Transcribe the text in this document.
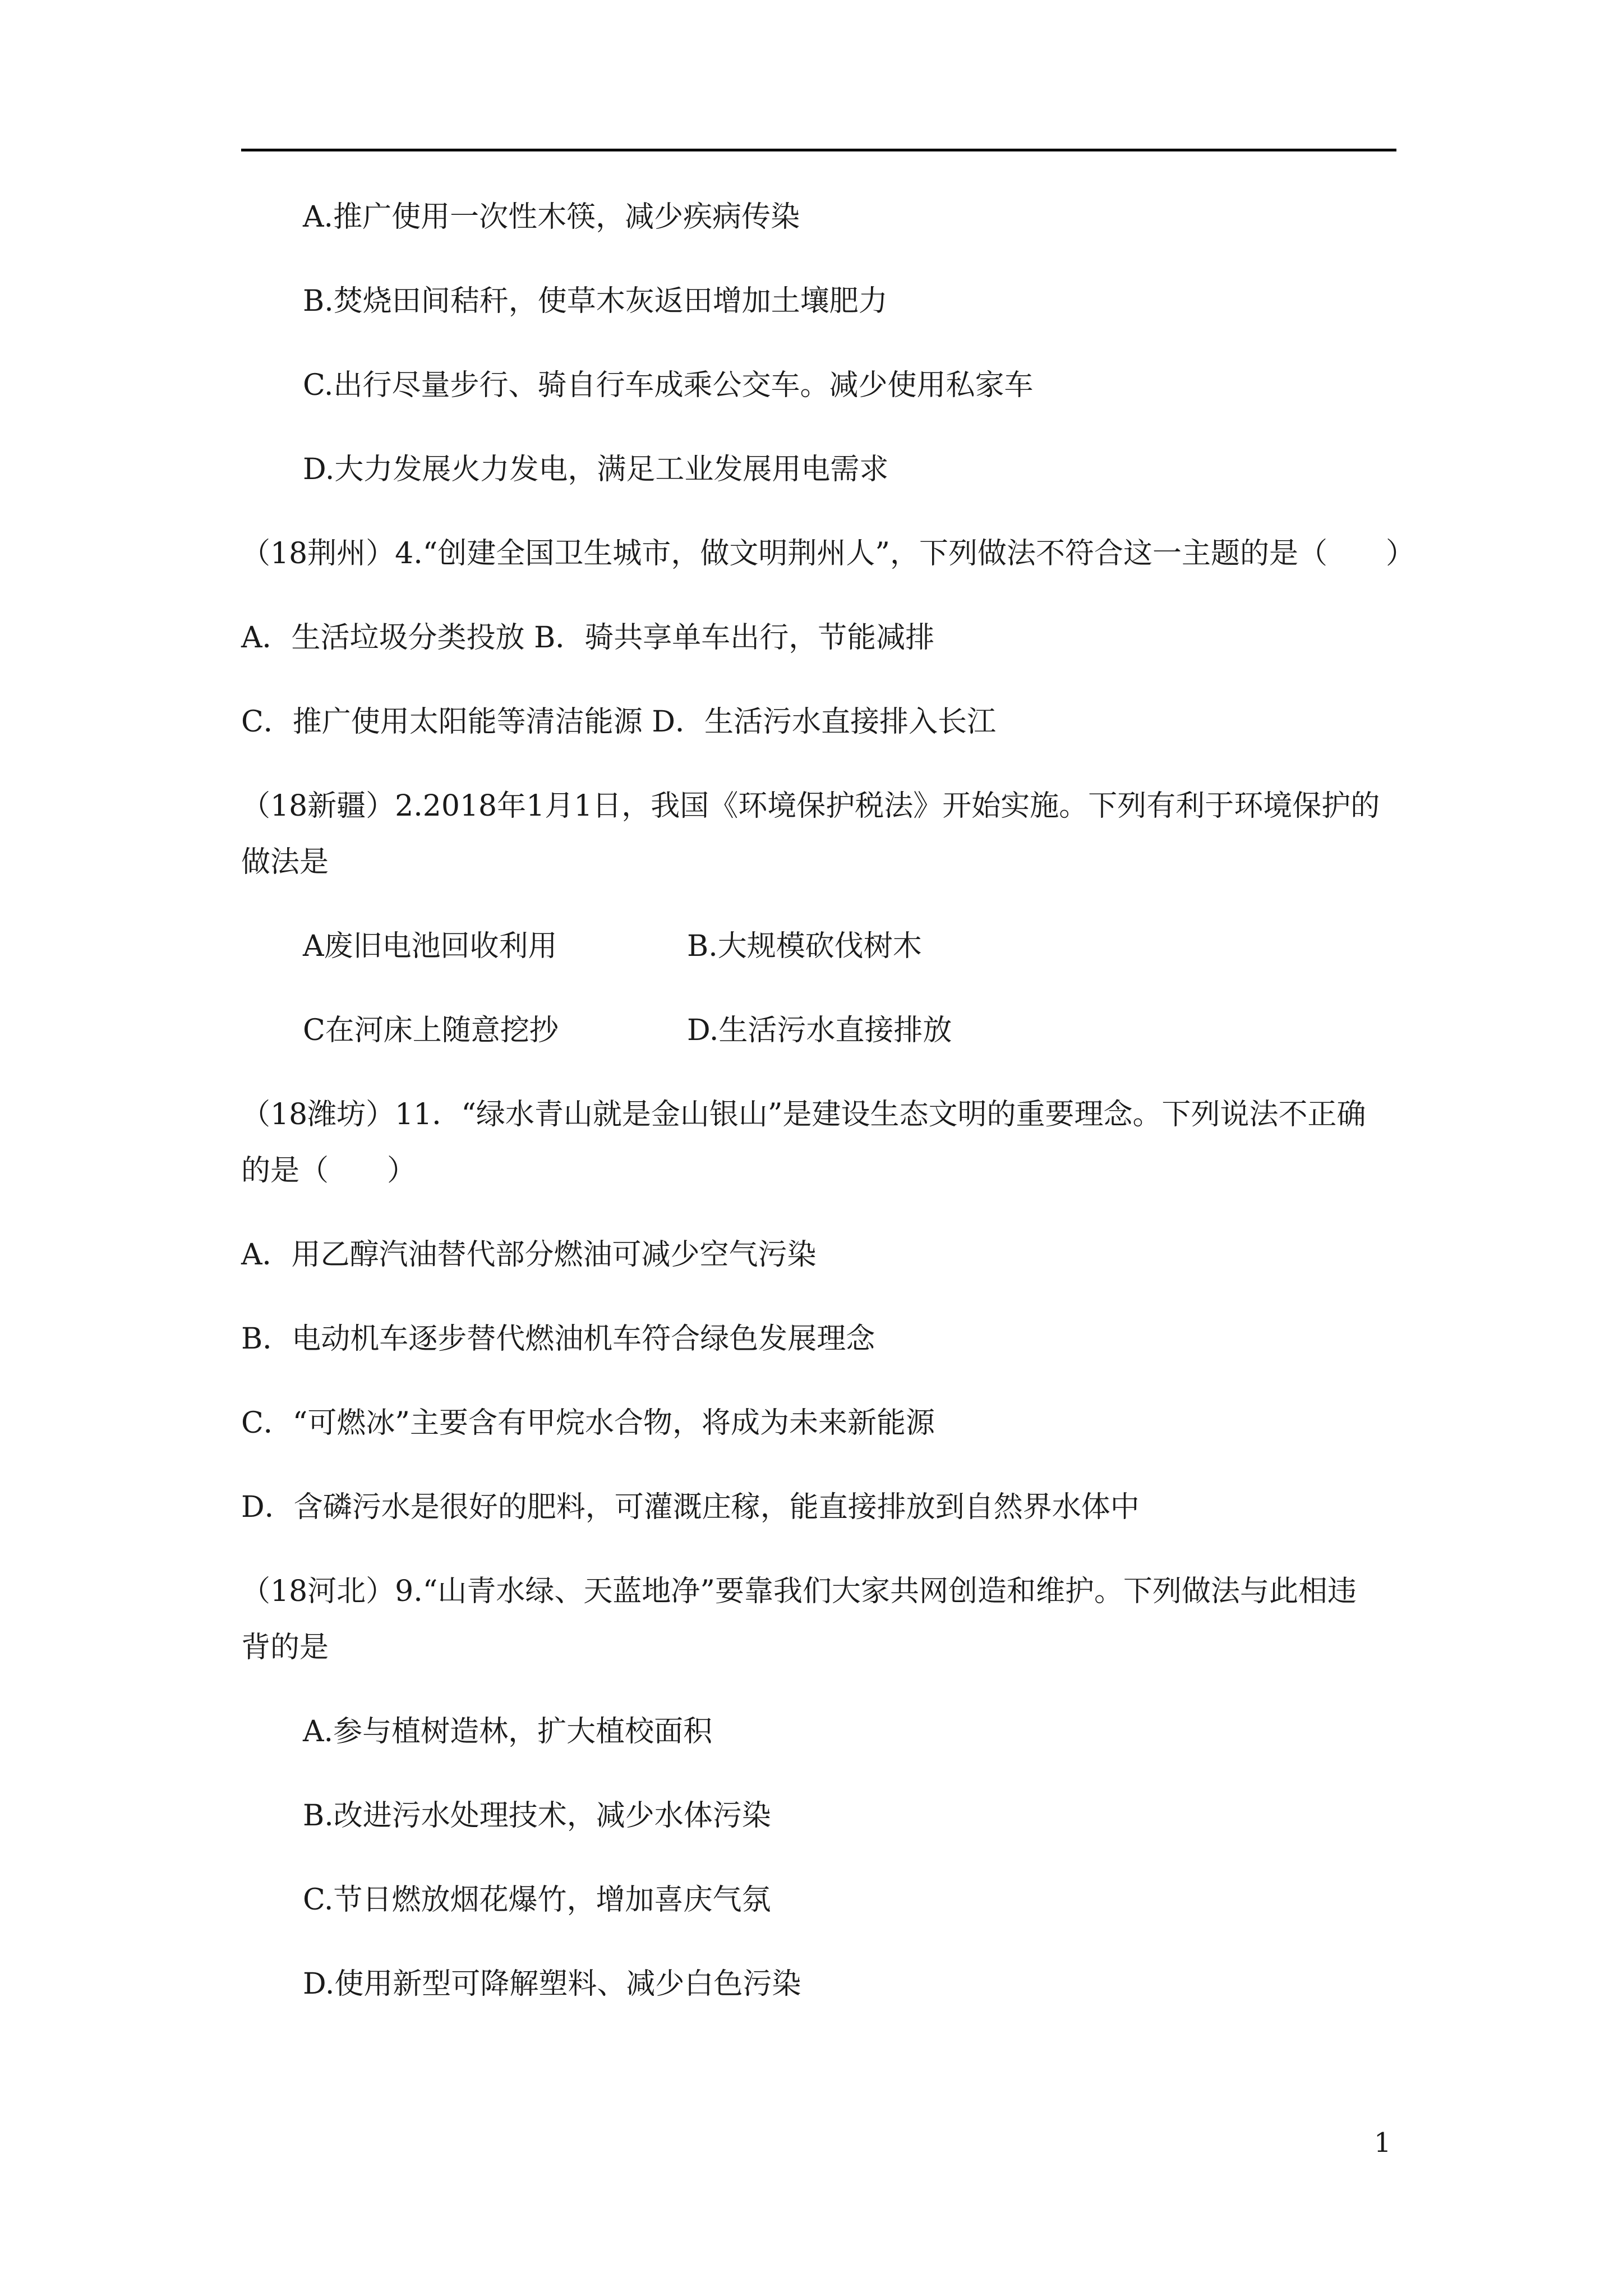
A.推广使用一次性木筷，减少疾病传染
B.焚烧田间秸秆，使草木灰返田增加土壤肥力
C.出行尽量步行、骑自行车成乘公交车。减少使用私家车
D.大力发展火力发电，满足工业发展用电需求
（18荆州）4.“创建全国卫生城市，做文明荆州人”，下列做法不符合这一主题的是（　　）
A．生活垃圾分类投放 B．骑共享单车出行，节能减排
C．推广使用太阳能等清洁能源 D．生活污水直接排入长江
（18新疆）2.2018年1月1日，我国《环境保护税法》开始实施。下列有利于环境保护的
做法是
A废旧电池回收利用	B.大规模砍伐树木
C在河床上随意挖抄	D.生活污水直接排放
（18潍坊）11．“绿水青山就是金山银山”是建设生态文明的重要理念。下列说法不正确
的是（　　）
A．用乙醇汽油替代部分燃油可减少空气污染
B．电动机车逐步替代燃油机车符合绿色发展理念
C．“可燃冰”主要含有甲烷水合物，将成为未来新能源
D．含磷污水是很好的肥料，可灌溉庄稼，能直接排放到自然界水体中
（18河北）9.“山青水绿、天蓝地净”要靠我们大家共网创造和维护。下列做法与此相违
背的是
A.参与植树造林，扩大植校面积
B.改进污水处理技术，减少水体污染
C.节日燃放烟花爆竹，增加喜庆气氛
D.使用新型可降解塑料、减少白色污染
1
